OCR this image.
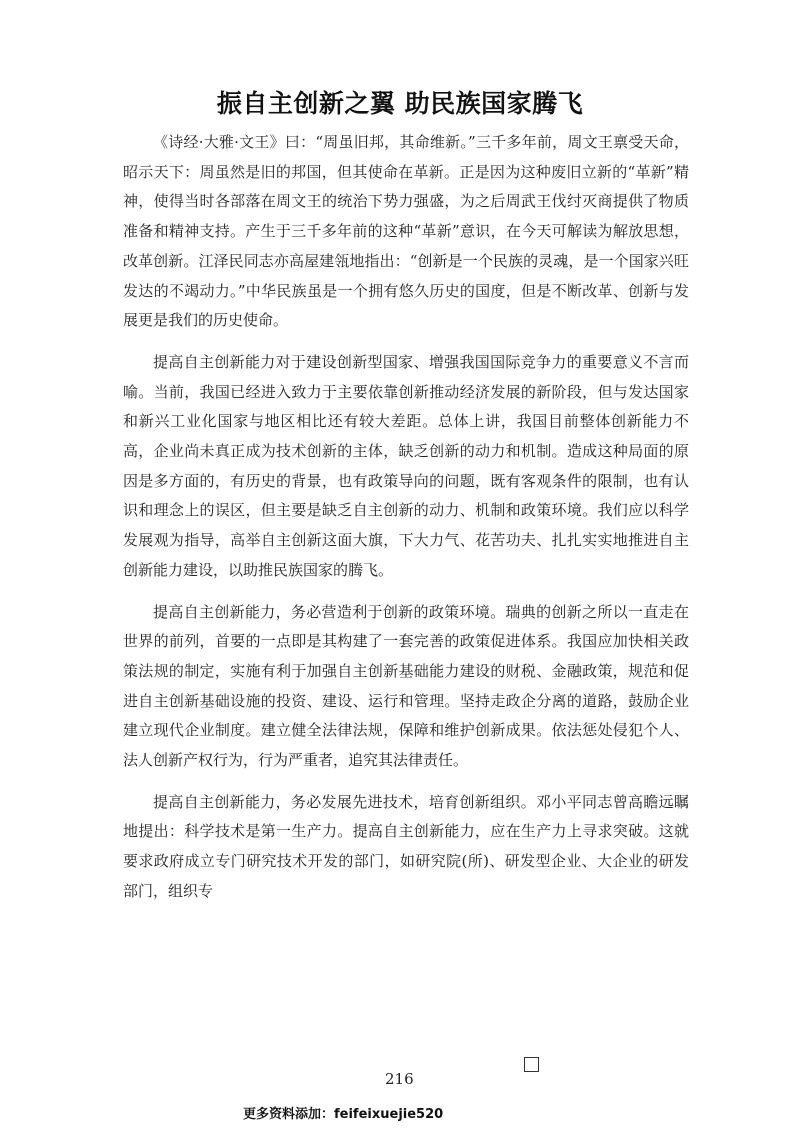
振自主创新之翼 助民族国家腾飞

《诗经·大雅·文王》曰：“周虽旧邦，其命维新。”三千多年前，周文王禀受天命，昭示天下：周虽然是旧的邦国，但其使命在革新。正是因为这种废旧立新的“革新”精神，使得当时各部落在周文王的统治下势力强盛，为之后周武王伐纣灭商提供了物质准备和精神支持。产生于三千多年前的这种“革新”意识，在今天可解读为解放思想，改革创新。江泽民同志亦高屋建瓴地指出：“创新是一个民族的灵魂，是一个国家兴旺发达的不竭动力。”中华民族虽是一个拥有悠久历史的国度，但是不断改革、创新与发展更是我们的历史使命。

提高自主创新能力对于建设创新型国家、增强我国国际竞争力的重要意义不言而喻。当前，我国已经进入致力于主要依靠创新推动经济发展的新阶段，但与发达国家和新兴工业化国家与地区相比还有较大差距。总体上讲，我国目前整体创新能力不高，企业尚未真正成为技术创新的主体，缺乏创新的动力和机制。造成这种局面的原因是多方面的，有历史的背景，也有政策导向的问题，既有客观条件的限制，也有认识和理念上的误区，但主要是缺乏自主创新的动力、机制和政策环境。我们应以科学发展观为指导，高举自主创新这面大旗，下大力气、花苦功夫、扎扎实实地推进自主创新能力建设，以助推民族国家的腾飞。

提高自主创新能力，务必营造利于创新的政策环境。瑞典的创新之所以一直走在世界的前列，首要的一点即是其构建了一套完善的政策促进体系。我国应加快相关政策法规的制定，实施有利于加强自主创新基础能力建设的财税、金融政策，规范和促进自主创新基础设施的投资、建设、运行和管理。坚持走政企分离的道路，鼓励企业建立现代企业制度。建立健全法律法规，保障和维护创新成果。依法惩处侵犯个人、法人创新产权行为，行为严重者，追究其法律责任。

提高自主创新能力，务必发展先进技术，培育创新组织。邓小平同志曾高瞻远瞩地提出：科学技术是第一生产力。提高自主创新能力，应在生产力上寻求突破。这就要求政府成立专门研究技术开发的部门，如研究院(所)、研发型企业、大企业的研发部门，组织专

216
更多资料添加：feifeixuejie520
